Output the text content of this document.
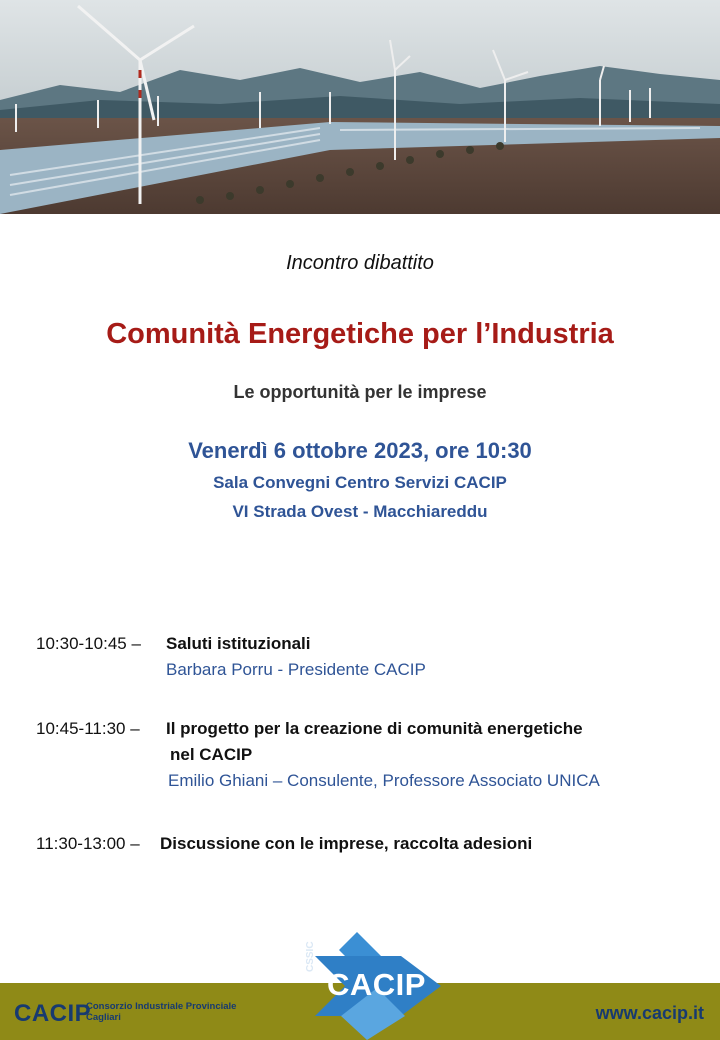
Incontro dibattito
Comunità Energetiche per l’Industria
Le opportunità per le imprese
Venerdì 6 ottobre 2023, ore 10:30
Sala Convegni Centro Servizi CACIP
VI Strada Ovest - Macchiareddu
10:30-10:45 – Saluti istituzionali
Barbara Porru - Presidente CACIP
10:45-11:30 – Il progetto per la creazione di comunità energetiche
nel CACIP
Emilio Ghiani – Consulente, Professore Associato UNICA
11:30-13:00 – Discussione con le imprese, raccolta adesioni
CACIP
Consorzio Industriale Provinciale
Cagliari	www.cacip.it
CACIP
CSSIC
